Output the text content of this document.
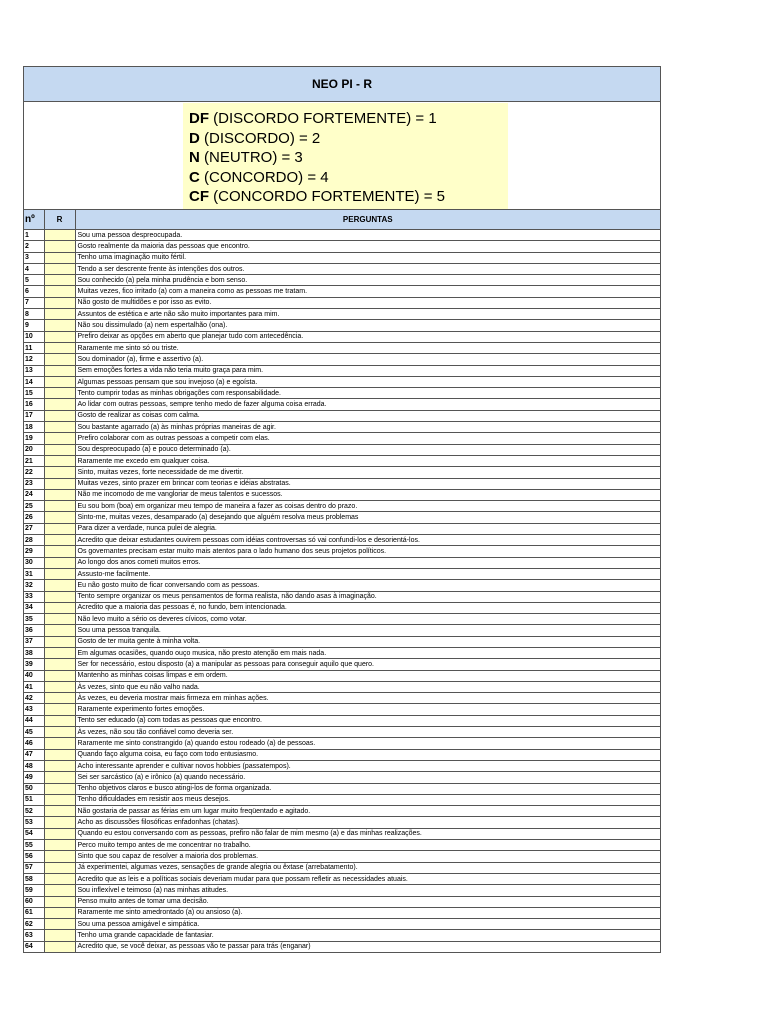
NEO PI - R
DF (DISCORDO FORTEMENTE) = 1
D (DISCORDO) = 2
N (NEUTRO) = 3
C (CONCORDO) = 4
CF (CONCORDO FORTEMENTE) = 5
nº	R	PERGUNTAS
1		Sou uma pessoa despreocupada.
2		Gosto realmente da maioria das pessoas que encontro.
3		Tenho uma imaginação muito fértil.
4		Tendo a ser descrente frente às intenções dos outros.
5		Sou conhecido (a) pela minha prudência e bom senso.
6		Muitas vezes, fico irritado (a) com a maneira como as pessoas me tratam.
7		Não gosto de multidões e por isso as evito.
8		Assuntos de estética e arte não são muito importantes para mim.
9		Não sou dissimulado (a) nem espertalhão (ona).
10		Prefiro deixar as opções em aberto que planejar tudo com antecedência.
11		Raramente me sinto só ou triste.
12		Sou dominador (a), firme e assertivo (a).
13		Sem emoções fortes a vida não teria muito graça para mim.
14		Algumas pessoas pensam que sou invejoso (a) e egoísta.
15		Tento cumprir todas as minhas obrigações com responsabilidade.
16		Ao lidar com outras pessoas, sempre tenho medo de fazer alguma coisa errada.
17		Gosto de realizar as coisas com calma.
18		Sou bastante agarrado (a) às minhas próprias maneiras de agir.
19		Prefiro colaborar com as outras pessoas a competir com elas.
20		Sou despreocupado (a) e pouco determinado (a).
21		Raramente me excedo em qualquer coisa.
22		Sinto, muitas vezes, forte necessidade de me divertir.
23		Muitas vezes, sinto prazer em brincar com teorias e idéias abstratas.
24		Não me incomodo de me vangloriar de meus talentos e sucessos.
25		Eu sou bom (boa) em organizar meu tempo de maneira a fazer as coisas dentro do prazo.
26		Sinto-me, muitas vezes, desamparado (a) desejando que alguém resolva meus problemas
27		Para dizer a verdade, nunca pulei de alegria.
28		Acredito que deixar estudantes ouvirem pessoas com idéias controversas só vai confundi-los e desorientá-los.
29		Os governantes precisam estar muito mais atentos para o lado humano dos seus projetos políticos.
30		Ao longo dos anos cometi muitos erros.
31		Assusto-me facilmente.
32		Eu não gosto muito de ficar conversando com as pessoas.
33		Tento sempre organizar os meus pensamentos de forma realista, não dando asas à imaginação.
34		Acredito que a maioria das pessoas é, no fundo, bem intencionada.
35		Não levo muito a sério os deveres cívicos, como votar.
36		Sou uma pessoa tranquila.
37		Gosto de ter muita gente à minha volta.
38		Em algumas ocasiões, quando ouço musica, não presto atenção em mais nada.
39		Ser for necessário, estou disposto (a) a manipular as pessoas para conseguir aquilo que quero.
40		Mantenho as minhas coisas limpas e em ordem.
41		Às vezes, sinto que eu não valho nada.
42		Às vezes, eu deveria mostrar mais firmeza em minhas ações.
43		Raramente experimento fortes emoções.
44		Tento ser educado (a) com todas as pessoas que encontro.
45		Às vezes, não sou tão confiável como deveria ser.
46		Raramente me sinto constrangido (a) quando estou rodeado (a) de pessoas.
47		Quando faço alguma coisa, eu faço com todo entusiasmo.
48		Acho interessante aprender e cultivar novos hobbies (passatempos).
49		Sei ser sarcástico (a) e irônico (a) quando necessário.
50		Tenho objetivos claros e busco atingi-los de forma organizada.
51		Tenho dificuldades em resistir aos meus desejos.
52		Não gostaria de passar as férias em um lugar muito freqüentado e agitado.
53		Acho as discussões filosóficas enfadonhas (chatas).
54		Quando eu estou conversando com as pessoas, prefiro não falar de mim mesmo (a) e das minhas realizações.
55		Perco muito tempo antes de me concentrar no trabalho.
56		Sinto que sou capaz de resolver a maioria dos problemas.
57		Já experimentei, algumas vezes, sensações de grande alegria ou êxtase (arrebatamento).
58		Acredito que as leis e a políticas sociais deveriam mudar para que possam refletir as necessidades atuais.
59		Sou inflexível e teimoso (a) nas minhas atitudes.
60		Penso muito antes de tomar uma decisão.
61		Raramente me sinto amedrontado (a) ou ansioso (a).
62		Sou uma pessoa amigável e simpática.
63		Tenho uma grande capacidade de fantasiar.
64		Acredito que, se você deixar, as pessoas vão te passar para trás (enganar)
